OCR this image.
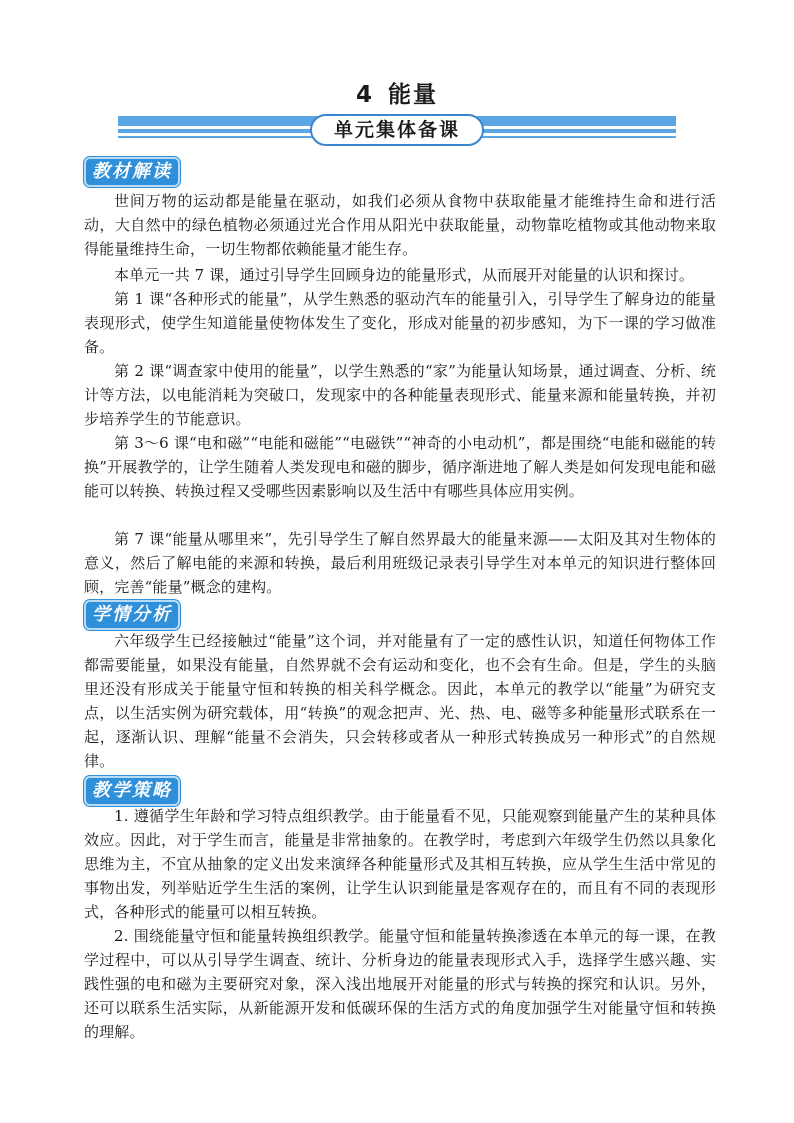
4 能量
单元集体备课
教材解读

世间万物的运动都是能量在驱动，如我们必须从食物中获取能量才能维持生命和进行活动，大自然中的绿色植物必须通过光合作用从阳光中获取能量，动物靠吃植物或其他动物来取得能量维持生命，一切生物都依赖能量才能生存。

本单元一共 7 课，通过引导学生回顾身边的能量形式，从而展开对能量的认识和探讨。

第 1 课“各种形式的能量”，从学生熟悉的驱动汽车的能量引入，引导学生了解身边的能量表现形式，使学生知道能量使物体发生了变化，形成对能量的初步感知，为下一课的学习做准备。

第 2 课“调查家中使用的能量”，以学生熟悉的“家”为能量认知场景，通过调查、分析、统计等方法，以电能消耗为突破口，发现家中的各种能量表现形式、能量来源和能量转换，并初步培养学生的节能意识。

第 3～6 课“电和磁”“电能和磁能”“电磁铁”“神奇的小电动机”，都是围绕“电能和磁能的转换”开展教学的，让学生随着人类发现电和磁的脚步，循序渐进地了解人类是如何发现电能和磁能可以转换、转换过程又受哪些因素影响以及生活中有哪些具体应用实例。

第 7 课“能量从哪里来”，先引导学生了解自然界最大的能量来源——太阳及其对生物体的意义，然后了解电能的来源和转换，最后利用班级记录表引导学生对本单元的知识进行整体回顾，完善“能量”概念的建构。

学情分析

六年级学生已经接触过“能量”这个词，并对能量有了一定的感性认识，知道任何物体工作都需要能量，如果没有能量，自然界就不会有运动和变化，也不会有生命。但是，学生的头脑里还没有形成关于能量守恒和转换的相关科学概念。因此，本单元的教学以“能量”为研究支点，以生活实例为研究载体，用“转换”的观念把声、光、热、电、磁等多种能量形式联系在一起，逐渐认识、理解“能量不会消失，只会转移或者从一种形式转换成另一种形式”的自然规律。

教学策略

1. 遵循学生年龄和学习特点组织教学。由于能量看不见，只能观察到能量产生的某种具体效应。因此，对于学生而言，能量是非常抽象的。在教学时，考虑到六年级学生仍然以具象化思维为主，不宜从抽象的定义出发来演绎各种能量形式及其相互转换，应从学生生活中常见的事物出发，列举贴近学生生活的案例，让学生认识到能量是客观存在的，而且有不同的表现形式，各种形式的能量可以相互转换。

2. 围绕能量守恒和能量转换组织教学。能量守恒和能量转换渗透在本单元的每一课，在教学过程中，可以从引导学生调查、统计、分析身边的能量表现形式入手，选择学生感兴趣、实践性强的电和磁为主要研究对象，深入浅出地展开对能量的形式与转换的探究和认识。另外，还可以联系生活实际，从新能源开发和低碳环保的生活方式的角度加强学生对能量守恒和转换的理解。
